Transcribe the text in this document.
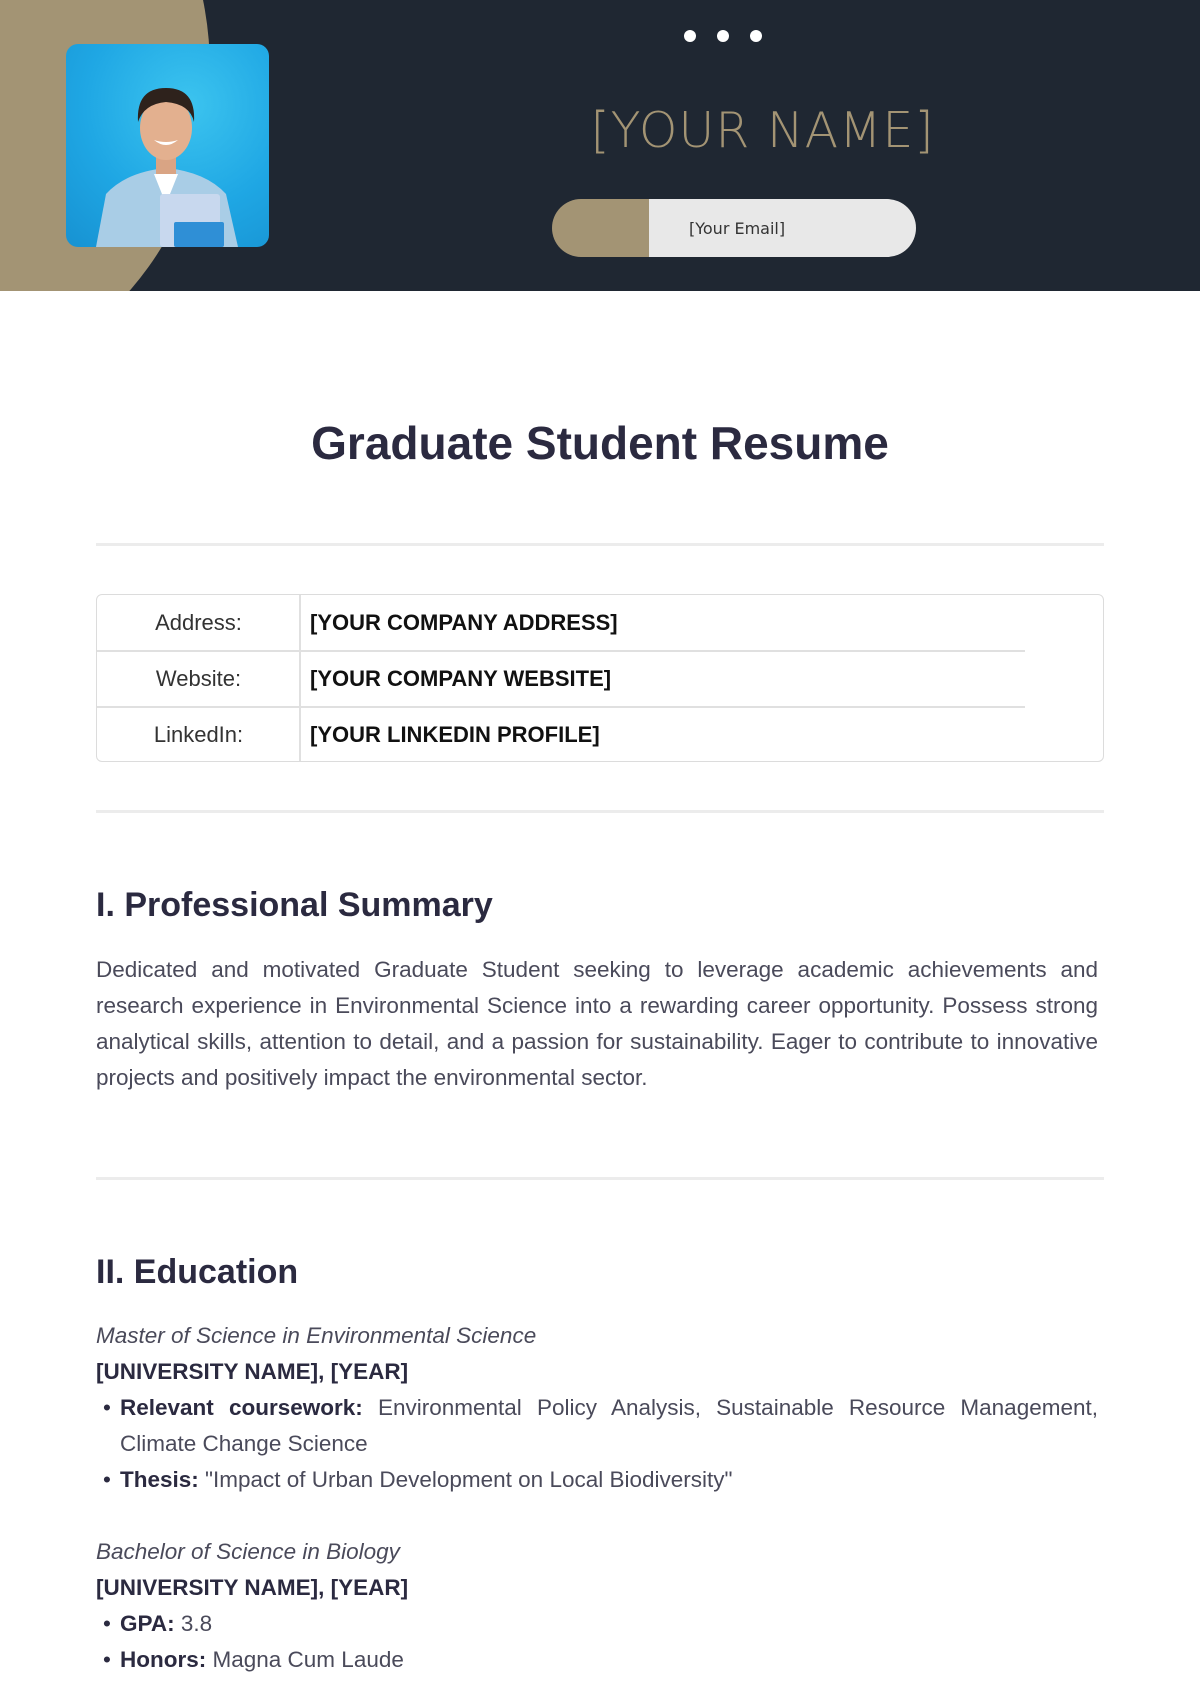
[YOUR NAME]
[Your Email]
Graduate Student Resume
Address:	[YOUR COMPANY ADDRESS]
Website:	[YOUR COMPANY WEBSITE]
LinkedIn:	[YOUR LINKEDIN PROFILE]
I. Professional Summary

Dedicated and motivated Graduate Student seeking to leverage academic achievements and research experience in Environmental Science into a rewarding career opportunity. Possess strong analytical skills, attention to detail, and a passion for sustainability. Eager to contribute to innovative projects and positively impact the environmental sector.

II. Education
Master of Science in Environmental Science
[UNIVERSITY NAME], [YEAR]
• Relevant coursework: Environmental Policy Analysis, Sustainable Resource Management, Climate Change Science
• Thesis: "Impact of Urban Development on Local Biodiversity"
Bachelor of Science in Biology
[UNIVERSITY NAME], [YEAR]
• GPA: 3.8
• Honors: Magna Cum Laude
